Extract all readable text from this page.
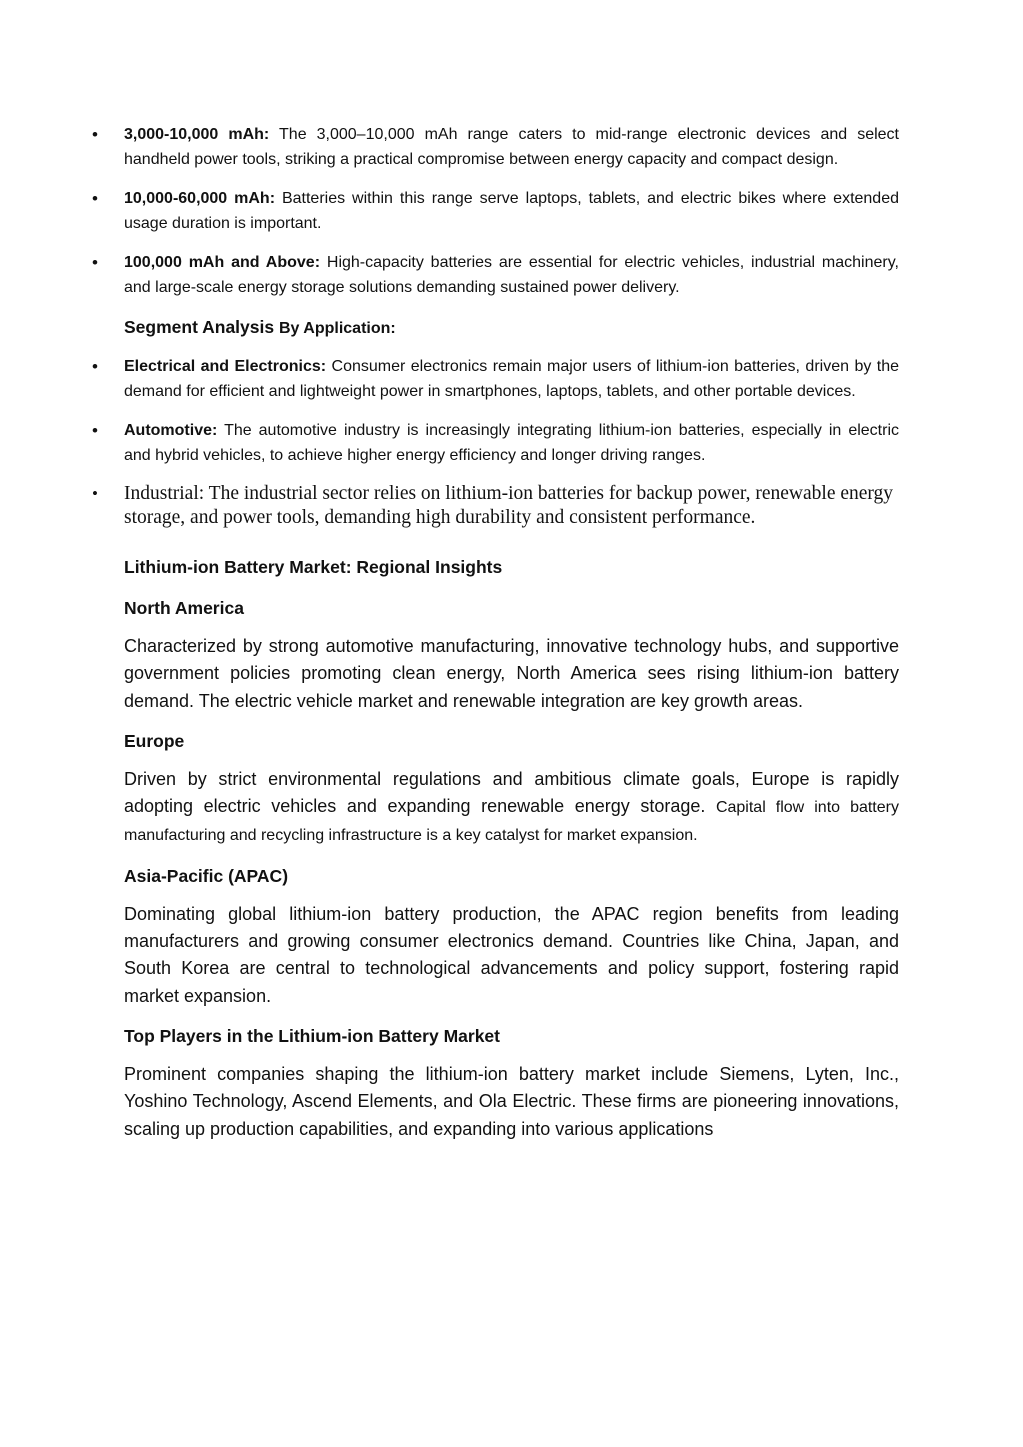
• 3,000-10,000 mAh: The 3,000–10,000 mAh range caters to mid-range electronic devices and select handheld power tools, striking a practical compromise between energy capacity and compact design.
• 10,000-60,000 mAh: Batteries within this range serve laptops, tablets, and electric bikes where extended usage duration is important.
• 100,000 mAh and Above: High-capacity batteries are essential for electric vehicles, industrial machinery, and large-scale energy storage solutions demanding sustained power delivery.

Segment Analysis By Application:

• Electrical and Electronics: Consumer electronics remain major users of lithium-ion batteries, driven by the demand for efficient and lightweight power in smartphones, laptops, tablets, and other portable devices.
• Automotive: The automotive industry is increasingly integrating lithium-ion batteries, especially in electric and hybrid vehicles, to achieve higher energy efficiency and longer driving ranges.
• Industrial: The industrial sector relies on lithium-ion batteries for backup power, renewable energy storage, and power tools, demanding high durability and consistent performance.

Lithium-ion Battery Market: Regional Insights

North America

Characterized by strong automotive manufacturing, innovative technology hubs, and supportive government policies promoting clean energy, North America sees rising lithium-ion battery demand. The electric vehicle market and renewable integration are key growth areas.

Europe

Driven by strict environmental regulations and ambitious climate goals, Europe is rapidly adopting electric vehicles and expanding renewable energy storage. Capital flow into battery manufacturing and recycling infrastructure is a key catalyst for market expansion.

Asia-Pacific (APAC)

Dominating global lithium-ion battery production, the APAC region benefits from leading manufacturers and growing consumer electronics demand. Countries like China, Japan, and South Korea are central to technological advancements and policy support, fostering rapid market expansion.

Top Players in the Lithium-ion Battery Market

Prominent companies shaping the lithium-ion battery market include Siemens, Lyten, Inc., Yoshino Technology, Ascend Elements, and Ola Electric. These firms are pioneering innovations, scaling up production capabilities, and expanding into various applications
